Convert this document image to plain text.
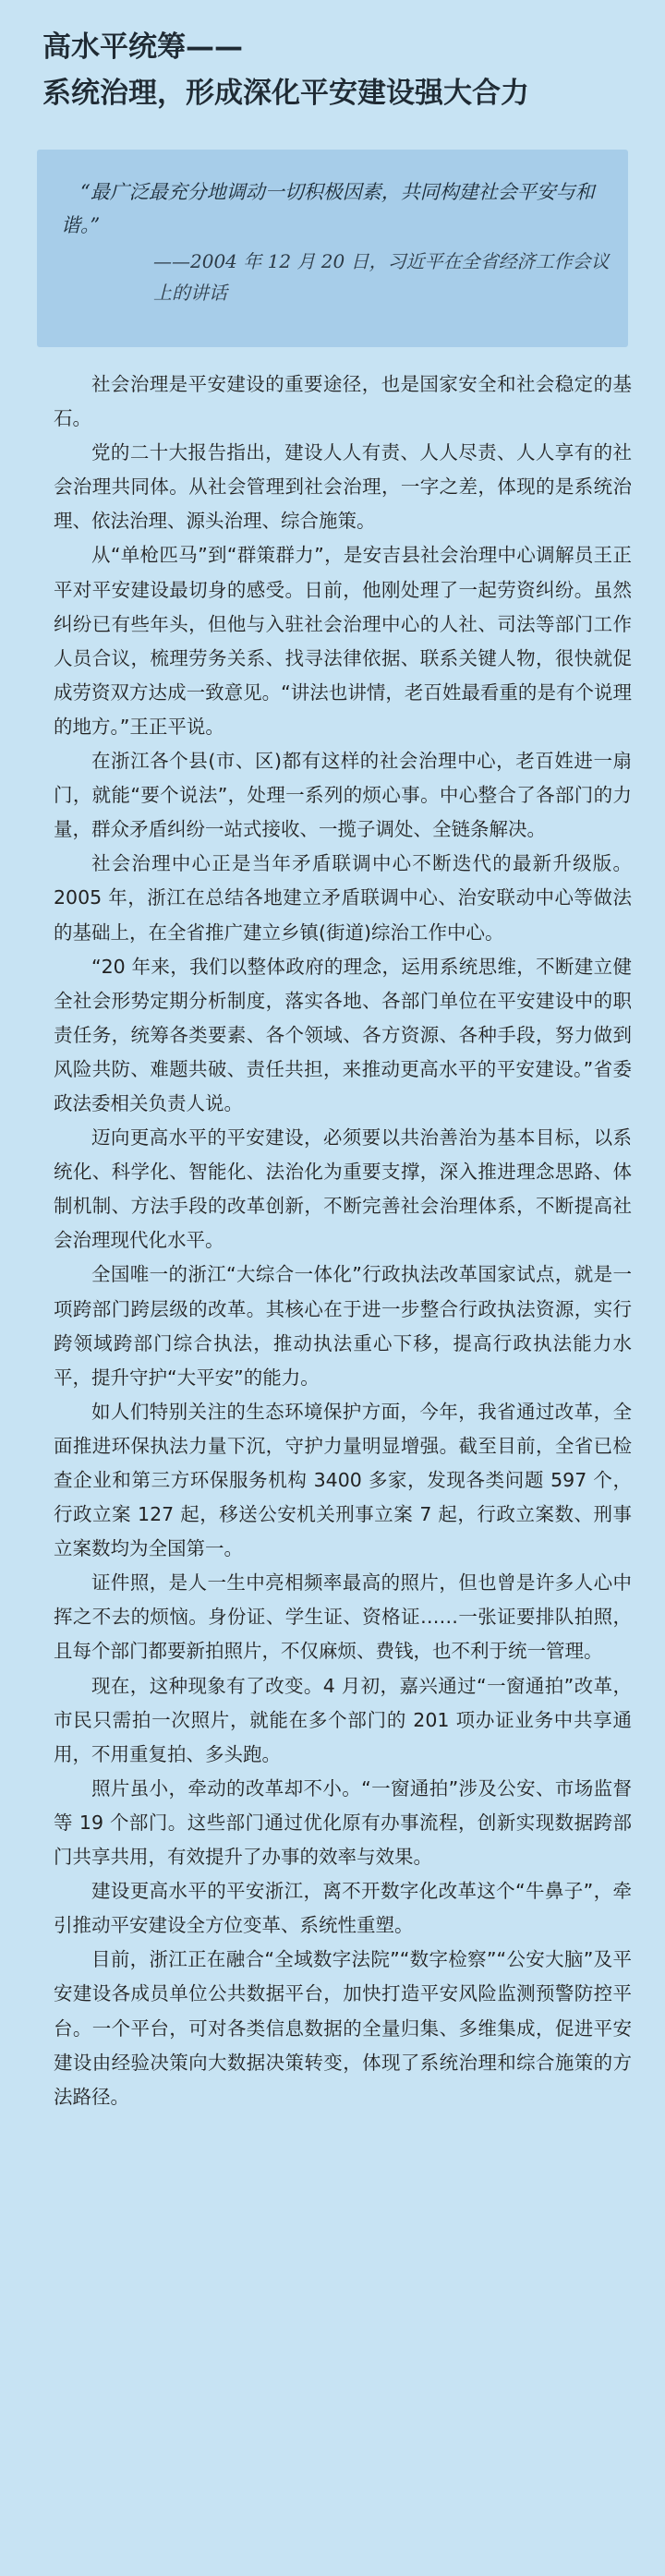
高水平统筹——
系统治理，形成深化平安建设强大合力
“最广泛最充分地调动一切积极因素，共同构建社会平安与和谐。”
——2004 年 12 月 20 日，习近平在全省经济工作会议上的讲话

社会治理是平安建设的重要途径，也是国家安全和社会稳定的基石。

党的二十大报告指出，建设人人有责、人人尽责、人人享有的社会治理共同体。从社会管理到社会治理，一字之差，体现的是系统治理、依法治理、源头治理、综合施策。

从“单枪匹马”到“群策群力”，是安吉县社会治理中心调解员王正平对平安建设最切身的感受。日前，他刚处理了一起劳资纠纷。虽然纠纷已有些年头，但他与入驻社会治理中心的人社、司法等部门工作人员合议，梳理劳务关系、找寻法律依据、联系关键人物，很快就促成劳资双方达成一致意见。“讲法也讲情，老百姓最看重的是有个说理的地方。”王正平说。

在浙江各个县(市、区)都有这样的社会治理中心，老百姓进一扇门，就能“要个说法”，处理一系列的烦心事。中心整合了各部门的力量，群众矛盾纠纷一站式接收、一揽子调处、全链条解决。

社会治理中心正是当年矛盾联调中心不断迭代的最新升级版。2005 年，浙江在总结各地建立矛盾联调中心、治安联动中心等做法的基础上，在全省推广建立乡镇(街道)综治工作中心。

“20 年来，我们以整体政府的理念，运用系统思维，不断建立健全社会形势定期分析制度，落实各地、各部门单位在平安建设中的职责任务，统筹各类要素、各个领域、各方资源、各种手段，努力做到风险共防、难题共破、责任共担，来推动更高水平的平安建设。”省委政法委相关负责人说。

迈向更高水平的平安建设，必须要以共治善治为基本目标，以系统化、科学化、智能化、法治化为重要支撑，深入推进理念思路、体制机制、方法手段的改革创新，不断完善社会治理体系，不断提高社会治理现代化水平。

全国唯一的浙江“大综合一体化”行政执法改革国家试点，就是一项跨部门跨层级的改革。其核心在于进一步整合行政执法资源，实行跨领域跨部门综合执法，推动执法重心下移，提高行政执法能力水平，提升守护“大平安”的能力。

如人们特别关注的生态环境保护方面，今年，我省通过改革，全面推进环保执法力量下沉，守护力量明显增强。截至目前，全省已检查企业和第三方环保服务机构 3400 多家，发现各类问题 597 个，行政立案 127 起，移送公安机关刑事立案 7 起，行政立案数、刑事立案数均为全国第一。

证件照，是人一生中亮相频率最高的照片，但也曾是许多人心中挥之不去的烦恼。身份证、学生证、资格证……一张证要排队拍照，且每个部门都要新拍照片，不仅麻烦、费钱，也不利于统一管理。

现在，这种现象有了改变。4 月初，嘉兴通过“一窗通拍”改革，市民只需拍一次照片，就能在多个部门的 201 项办证业务中共享通用，不用重复拍、多头跑。

照片虽小，牵动的改革却不小。“一窗通拍”涉及公安、市场监督等 19 个部门。这些部门通过优化原有办事流程，创新实现数据跨部门共享共用，有效提升了办事的效率与效果。

建设更高水平的平安浙江，离不开数字化改革这个“牛鼻子”，牵引推动平安建设全方位变革、系统性重塑。

目前，浙江正在融合“全域数字法院”“数字检察”“公安大脑”及平安建设各成员单位公共数据平台，加快打造平安风险监测预警防控平台。一个平台，可对各类信息数据的全量归集、多维集成，促进平安建设由经验决策向大数据决策转变，体现了系统治理和综合施策的方法路径。
